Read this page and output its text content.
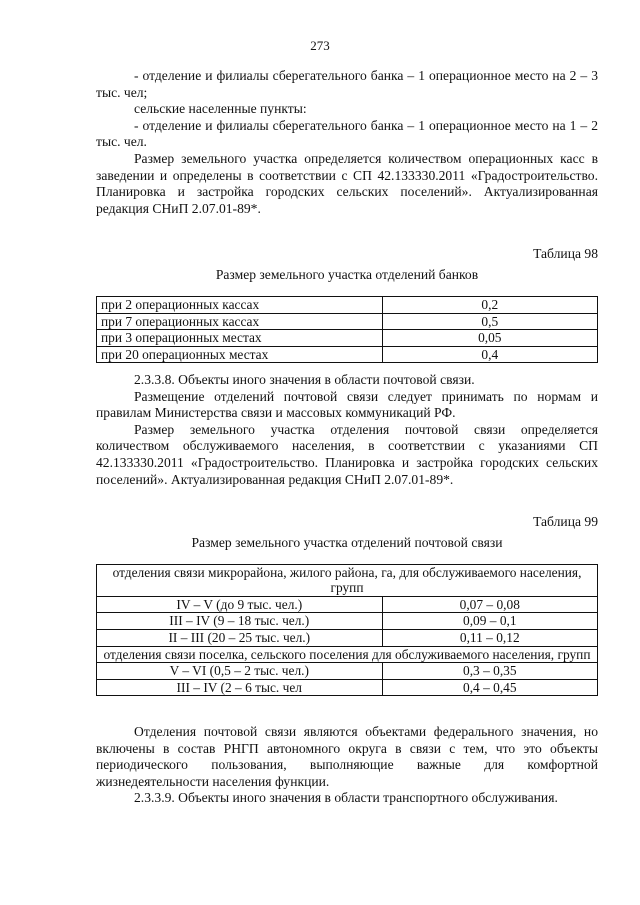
273

- отделение и филиалы сберегательного банка – 1 операционное место на 2 – 3 тыс. чел;

сельские населенные пункты:

- отделение и филиалы сберегательного банка – 1 операционное место на 1 – 2 тыс. чел.

Размер земельного участка определяется количеством операционных касс в заведении и определены в соответствии с СП 42.133330.2011 «Градостроительство. Планировка и застройка городских сельских поселений». Актуализированная редакция СНиП 2.07.01-89*.

Таблица 98

Размер земельного участка отделений банков

при 2 операционных кассах	0,2
при 7 операционных кассах	0,5
при 3 операционных местах	0,05
при 20 операционных местах	0,4

2.3.3.8. Объекты иного значения в области почтовой связи.

Размещение отделений почтовой связи следует принимать по нормам и правилам Министерства связи и массовых коммуникаций РФ.

Размер земельного участка отделения почтовой связи определяется количеством обслуживаемого населения, в соответствии с указаниями СП 42.133330.2011 «Градостроительство. Планировка и застройка городских сельских поселений». Актуализированная редакция СНиП 2.07.01-89*.

Таблица 99

Размер земельного участка отделений почтовой связи

отделения связи микрорайона, жилого района, га, для обслуживаемого населения, групп	
IV – V (до 9 тыс. чел.)	0,07 – 0,08
III – IV (9 – 18 тыс. чел.)	0,09 – 0,1
II – III (20 – 25 тыс. чел.)	0,11 – 0,12
отделения связи поселка, сельского поселения для обслуживаемого населения, групп	
V – VI (0,5 – 2 тыс. чел.)	0,3 – 0,35
III – IV (2 – 6 тыс. чел	0,4 – 0,45

Отделения почтовой связи являются объектами федерального значения, но включены в состав РНГП автономного округа в связи с тем, что это объекты периодического пользования, выполняющие важные для комфортной жизнедеятельности населения функции.

2.3.3.9. Объекты иного значения в области транспортного обслуживания.
